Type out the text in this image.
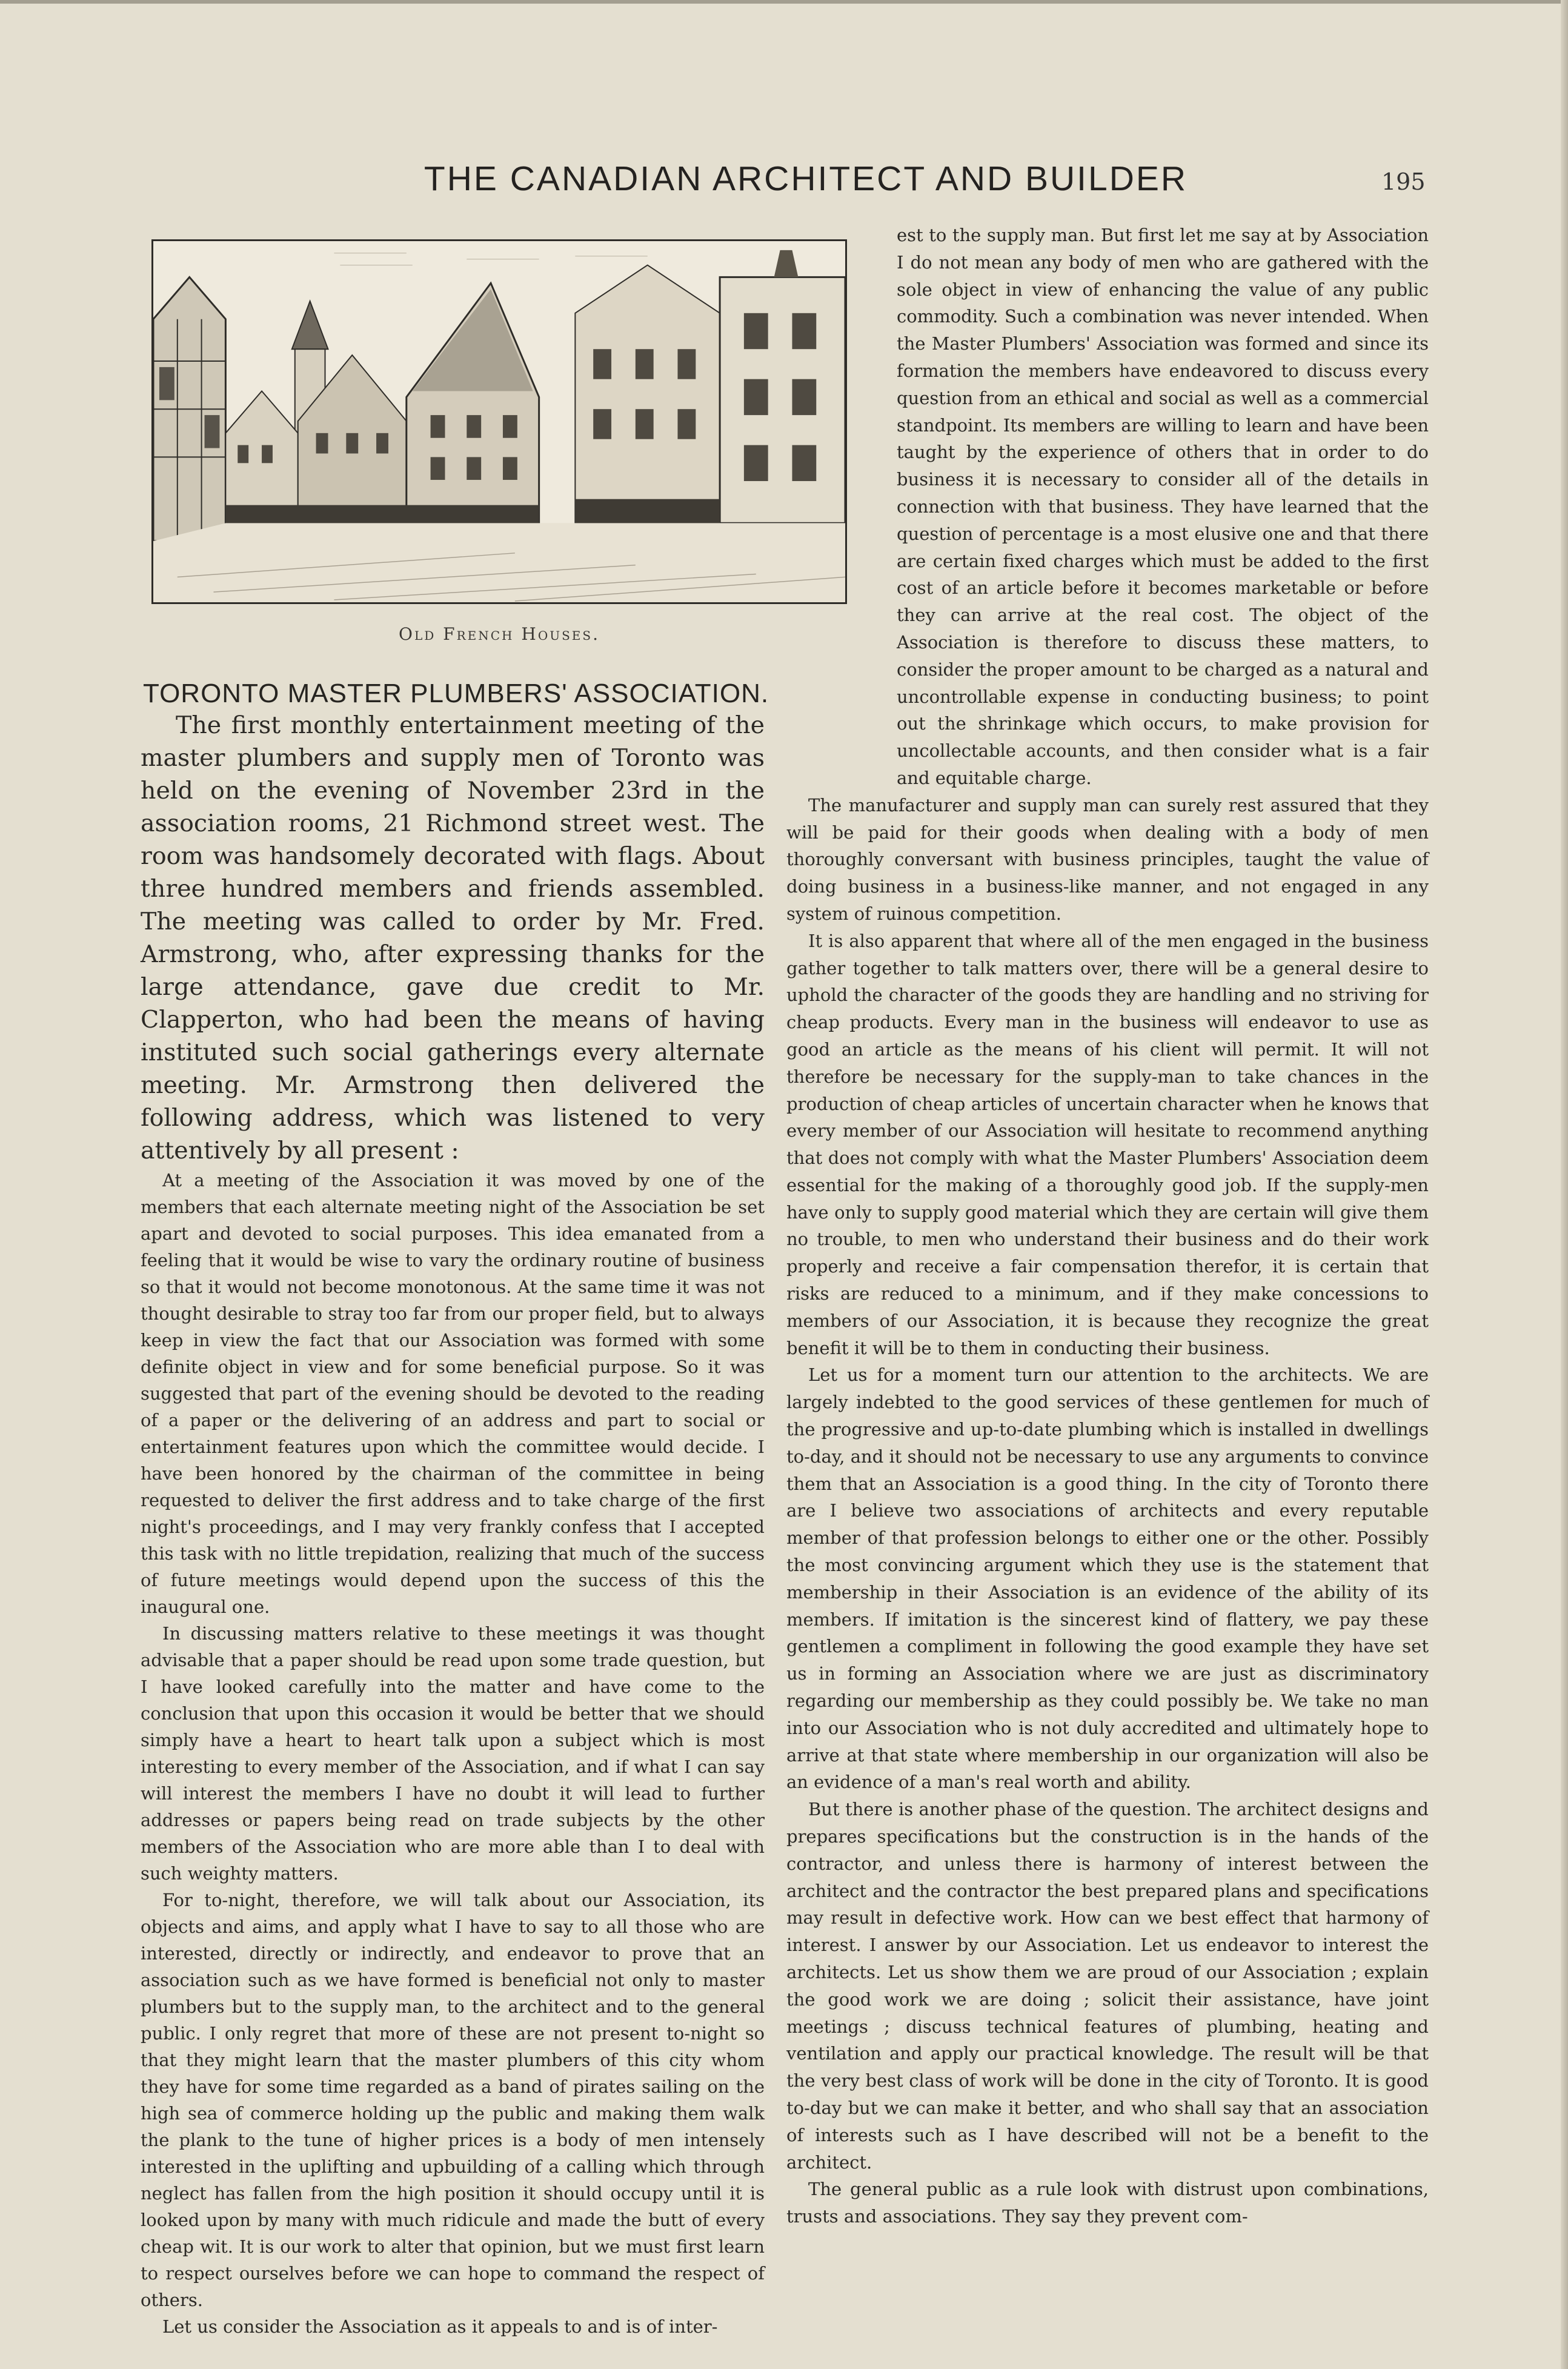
THE CANADIAN ARCHITECT AND BUILDER	195
Old French Houses.
TORONTO MASTER PLUMBERS' ASSOCIATION.

The first monthly entertainment meeting of the master plumbers and supply men of Toronto was held on the evening of November 23rd in the association rooms, 21 Richmond street west. The room was handsomely decorated with flags. About three hundred members and friends assembled. The meeting was called to order by Mr. Fred. Armstrong, who, after expressing thanks for the large attendance, gave due credit to Mr. Clapperton, who had been the means of having instituted such social gatherings every alternate meeting. Mr. Armstrong then delivered the following address, which was listened to very attentively by all present :

At a meeting of the Association it was moved by one of the members that each alternate meeting night of the Association be set apart and devoted to social purposes. This idea emanated from a feeling that it would be wise to vary the ordinary routine of business so that it would not become monotonous. At the same time it was not thought desirable to stray too far from our proper field, but to always keep in view the fact that our Association was formed with some definite object in view and for some beneficial purpose. So it was suggested that part of the evening should be devoted to the reading of a paper or the delivering of an address and part to social or entertainment features upon which the committee would decide. I have been honored by the chairman of the committee in being requested to deliver the first address and to take charge of the first night's proceedings, and I may very frankly confess that I accepted this task with no little trepidation, realizing that much of the success of future meetings would depend upon the success of this the inaugural one.

In discussing matters relative to these meetings it was thought advisable that a paper should be read upon some trade question, but I have looked carefully into the matter and have come to the conclusion that upon this occasion it would be better that we should simply have a heart to heart talk upon a subject which is most interesting to every member of the Association, and if what I can say will interest the members I have no doubt it will lead to further addresses or papers being read on trade subjects by the other members of the Association who are more able than I to deal with such weighty matters.

For to-night, therefore, we will talk about our Association, its objects and aims, and apply what I have to say to all those who are interested, directly or indirectly, and endeavor to prove that an association such as we have formed is beneficial not only to master plumbers but to the supply man, to the architect and to the general public. I only regret that more of these are not present to-night so that they might learn that the master plumbers of this city whom they have for some time regarded as a band of pirates sailing on the high sea of commerce holding up the public and making them walk the plank to the tune of higher prices is a body of men intensely interested in the uplifting and upbuilding of a calling which through neglect has fallen from the high position it should occupy until it is looked upon by many with much ridicule and made the butt of every cheap wit. It is our work to alter that opinion, but we must first learn to respect ourselves before we can hope to command the respect of others.

Let us consider the Association as it appeals to and is of inter-

est to the supply man. But first let me say at by Association I do not mean any body of men who are gathered with the sole object in view of enhancing the value of any public commodity. Such a combination was never intended. When the Master Plumbers' Association was formed and since its formation the members have endeavored to discuss every question from an ethical and social as well as a commercial standpoint. Its members are willing to learn and have been taught by the experience of others that in order to do business it is necessary to consider all of the details in connection with that business. They have learned that the question of percentage is a most elusive one and that there are certain fixed charges which must be added to the first cost of an article before it becomes marketable or before they can arrive at the real cost. The object of the Association is therefore to discuss these matters, to consider the proper amount to be charged as a natural and uncontrollable expense in conducting business; to point out the shrinkage which occurs, to make provision for uncollectable accounts, and then consider what is a fair and equitable charge.

The manufacturer and supply man can surely rest assured that they will be paid for their goods when dealing with a body of men thoroughly conversant with business principles, taught the value of doing business in a business-like manner, and not engaged in any system of ruinous competition.

It is also apparent that where all of the men engaged in the business gather together to talk matters over, there will be a general desire to uphold the character of the goods they are handling and no striving for cheap products. Every man in the business will endeavor to use as good an article as the means of his client will permit. It will not therefore be necessary for the supply-man to take chances in the production of cheap articles of uncertain character when he knows that every member of our Association will hesitate to recommend anything that does not comply with what the Master Plumbers' Association deem essential for the making of a thoroughly good job. If the supply-men have only to supply good material which they are certain will give them no trouble, to men who understand their business and do their work properly and receive a fair compensation therefor, it is certain that risks are reduced to a minimum, and if they make concessions to members of our Association, it is because they recognize the great benefit it will be to them in conducting their business.

Let us for a moment turn our attention to the architects. We are largely indebted to the good services of these gentlemen for much of the progressive and up-to-date plumbing which is installed in dwellings to-day, and it should not be necessary to use any arguments to convince them that an Association is a good thing. In the city of Toronto there are I believe two associations of architects and every reputable member of that profession belongs to either one or the other. Possibly the most convincing argument which they use is the statement that membership in their Association is an evidence of the ability of its members. If imitation is the sincerest kind of flattery, we pay these gentlemen a compliment in following the good example they have set us in forming an Association where we are just as discriminatory regarding our membership as they could possibly be. We take no man into our Association who is not duly accredited and ultimately hope to arrive at that state where membership in our organization will also be an evidence of a man's real worth and ability.

But there is another phase of the question. The architect designs and prepares specifications but the construction is in the hands of the contractor, and unless there is harmony of interest between the architect and the contractor the best prepared plans and specifications may result in defective work. How can we best effect that harmony of interest. I answer by our Association. Let us endeavor to interest the architects. Let us show them we are proud of our Association ; explain the good work we are doing ; solicit their assistance, have joint meetings ; discuss technical features of plumbing, heating and ventilation and apply our practical knowledge. The result will be that the very best class of work will be done in the city of Toronto. It is good to-day but we can make it better, and who shall say that an association of interests such as I have described will not be a benefit to the architect.

The general public as a rule look with distrust upon combinations, trusts and associations. They say they prevent com-
